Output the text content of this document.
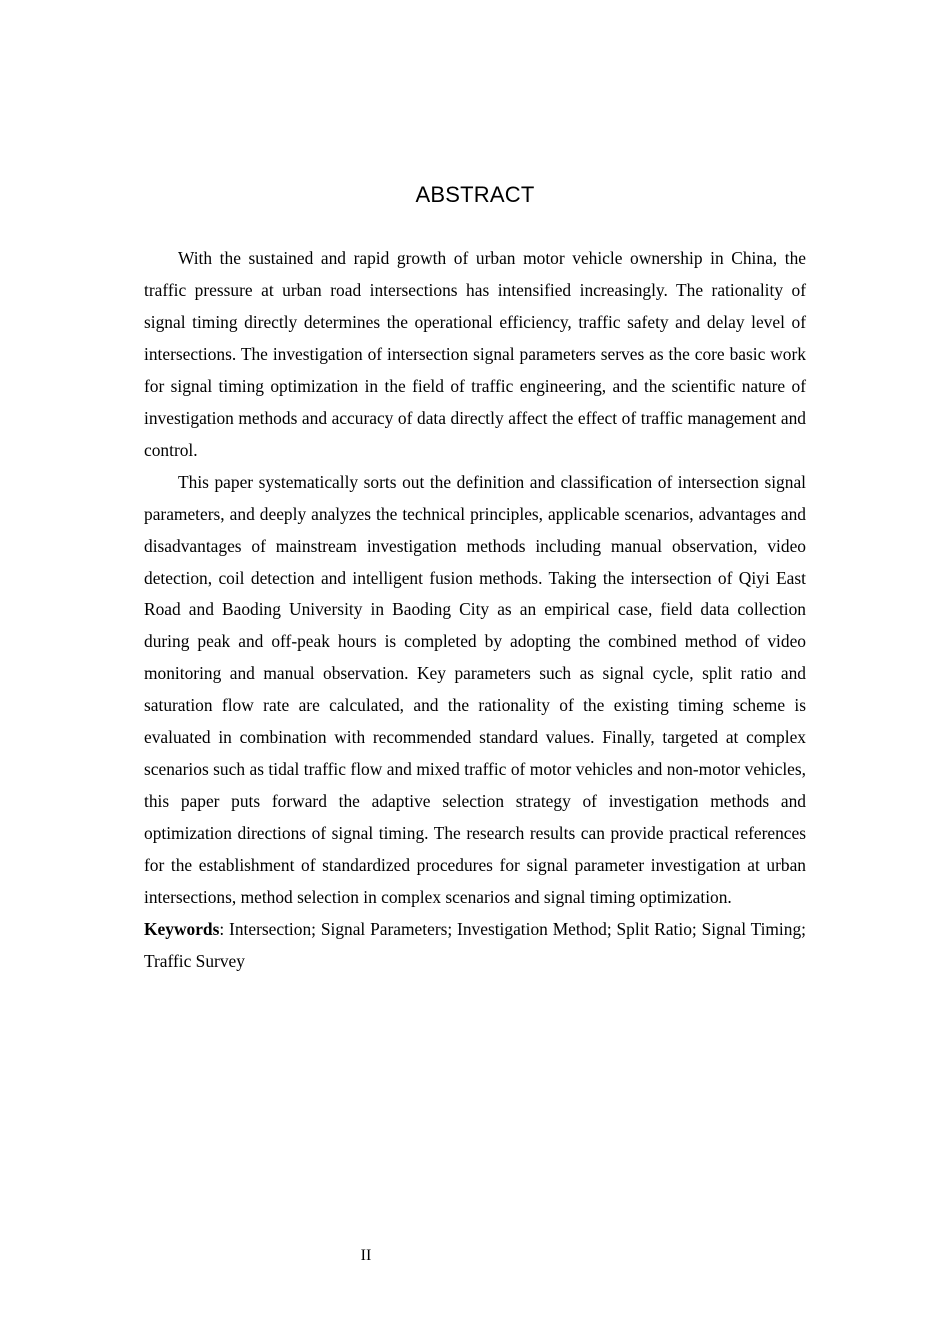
ABSTRACT

With the sustained and rapid growth of urban motor vehicle ownership in China, the traffic pressure at urban road intersections has intensified increasingly. The rationality of signal timing directly determines the operational efficiency, traffic safety and delay level of intersections. The investigation of intersection signal parameters serves as the core basic work for signal timing optimization in the field of traffic engineering, and the scientific nature of investigation methods and accuracy of data directly affect the effect of traffic management and control.

This paper systematically sorts out the definition and classification of intersection signal parameters, and deeply analyzes the technical principles, applicable scenarios, advantages and disadvantages of mainstream investigation methods including manual observation, video detection, coil detection and intelligent fusion methods. Taking the intersection of Qiyi East Road and Baoding University in Baoding City as an empirical case, field data collection during peak and off-peak hours is completed by adopting the combined method of video monitoring and manual observation. Key parameters such as signal cycle, split ratio and saturation flow rate are calculated, and the rationality of the existing timing scheme is evaluated in combination with recommended standard values. Finally, targeted at complex scenarios such as tidal traffic flow and mixed traffic of motor vehicles and non-motor vehicles, this paper puts forward the adaptive selection strategy of investigation methods and optimization directions of signal timing. The research results can provide practical references for the establishment of standardized procedures for signal parameter investigation at urban intersections, method selection in complex scenarios and signal timing optimization.

Keywords: Intersection; Signal Parameters; Investigation Method; Split Ratio; Signal Timing; Traffic Survey
II
